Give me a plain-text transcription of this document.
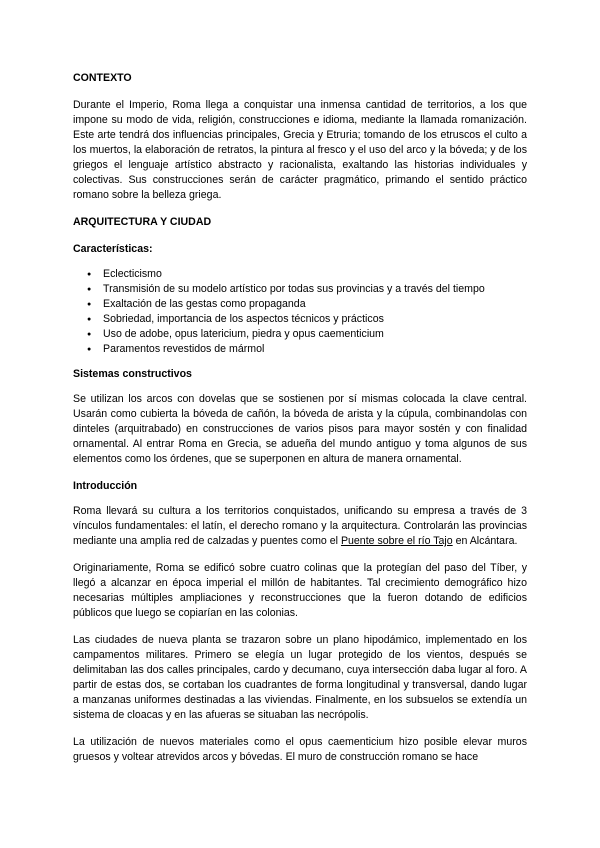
CONTEXTO

Durante el Imperio, Roma llega a conquistar una inmensa cantidad de territorios, a los que impone su modo de vida, religión, construcciones e idioma, mediante la llamada romanización. Este arte tendrá dos influencias principales, Grecia y Etruria; tomando de los etruscos el culto a los muertos, la elaboración de retratos, la pintura al fresco y el uso del arco y la bóveda; y de los griegos el lenguaje artístico abstracto y racionalista, exaltando las historias individuales y colectivas. Sus construcciones serán de carácter pragmático, primando el sentido práctico romano sobre la belleza griega.

ARQUITECTURA Y CIUDAD
Características:
● Eclecticismo
● Transmisión de su modelo artístico por todas sus provincias y a través del tiempo
● Exaltación de las gestas como propaganda
● Sobriedad, importancia de los aspectos técnicos y prácticos
● Uso de adobe, opus latericium, piedra y opus caementicium
● Paramentos revestidos de mármol
Sistemas constructivos

Se utilizan los arcos con dovelas que se sostienen por sí mismas colocada la clave central. Usarán como cubierta la bóveda de cañón, la bóveda de arista y la cúpula, combinandolas con dinteles (arquitrabado) en construcciones de varios pisos para mayor sostén y con finalidad ornamental. Al entrar Roma en Grecia, se adueña del mundo antiguo y toma algunos de sus elementos como los órdenes, que se superponen en altura de manera ornamental.

Introducción

Roma llevará su cultura a los territorios conquistados, unificando su empresa a través de 3 vínculos fundamentales: el latín, el derecho romano y la arquitectura. Controlarán las provincias mediante una amplia red de calzadas y puentes como el Puente sobre el río Tajo en Alcántara.

Originariamente, Roma se edificó sobre cuatro colinas que la protegían del paso del Tíber, y llegó a alcanzar en época imperial el millón de habitantes. Tal crecimiento demográfico hizo necesarias múltiples ampliaciones y reconstrucciones que la fueron dotando de edificios públicos que luego se copiarían en las colonias.

Las ciudades de nueva planta se trazaron sobre un plano hipodámico, implementado en los campamentos militares. Primero se elegía un lugar protegido de los vientos, después se delimitaban las dos calles principales, cardo y decumano, cuya intersección daba lugar al foro. A partir de estas dos, se cortaban los cuadrantes de forma longitudinal y transversal, dando lugar a manzanas uniformes destinadas a las viviendas. Finalmente, en los subsuelos se extendía un sistema de cloacas y en las afueras se situaban las necrópolis.

La utilización de nuevos materiales como el opus caementicium hizo posible elevar muros gruesos y voltear atrevidos arcos y bóvedas. El muro de construcción romano se hace
